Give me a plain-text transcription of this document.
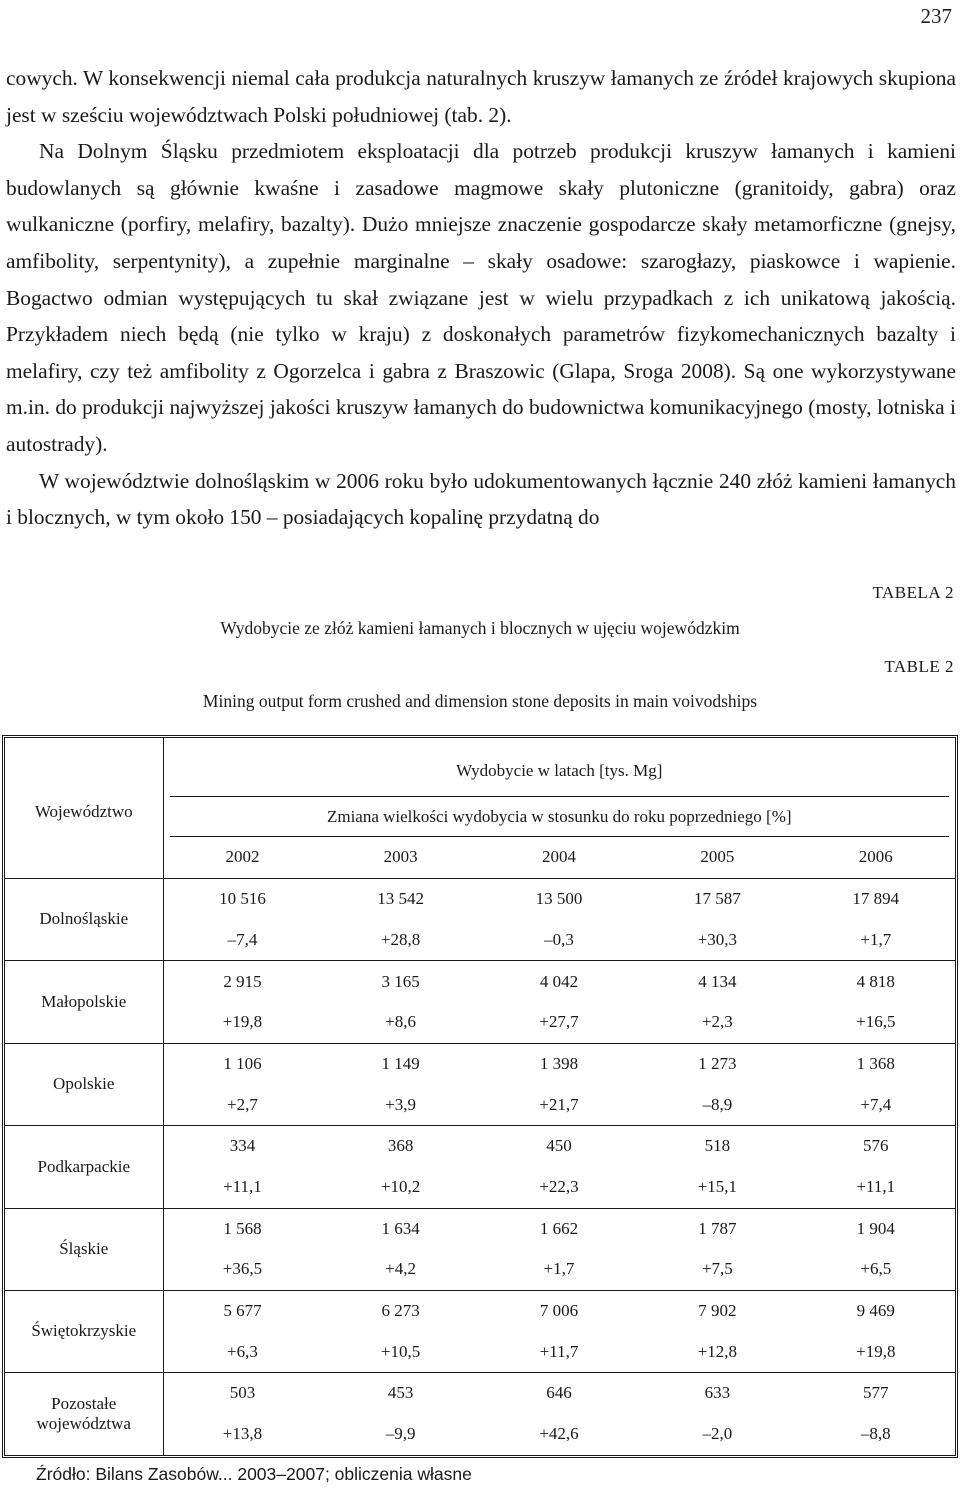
237

cowych. W konsekwencji niemal cała produkcja naturalnych kruszyw łamanych ze źródeł krajowych skupiona jest w sześciu województwach Polski południowej (tab. 2).

Na Dolnym Śląsku przedmiotem eksploatacji dla potrzeb produkcji kruszyw łamanych i kamieni budowlanych są głównie kwaśne i zasadowe magmowe skały plutoniczne (granitoidy, gabra) oraz wulkaniczne (porfiry, melafiry, bazalty). Dużo mniejsze znaczenie gospodarcze skały metamorficzne (gnejsy, amfibolity, serpentynity), a zupełnie marginalne – skały osadowe: szarogłazy, piaskowce i wapienie. Bogactwo odmian występujących tu skał związane jest w wielu przypadkach z ich unikatową jakością. Przykładem niech będą (nie tylko w kraju) z doskonałych parametrów fizykomechanicznych bazalty i melafiry, czy też amfibolity z Ogorzelca i gabra z Braszowic (Glapa, Sroga 2008). Są one wykorzystywane m.in. do produkcji najwyższej jakości kruszyw łamanych do budownictwa komunikacyjnego (mosty, lotniska i autostrady).

W województwie dolnośląskim w 2006 roku było udokumentowanych łącznie 240 złóż kamieni łamanych i blocznych, w tym około 150 – posiadających kopalinę przydatną do

TABELA 2
Wydobycie ze złóż kamieni łamanych i blocznych w ujęciu wojewódzkim
TABLE 2
Mining output form crushed and dimension stone deposits in main voivodships
Województwo	Wydobycie w latach [tys. Mg]				
	Zmiana wielkości wydobycia w stosunku do roku poprzedniego [%]				
	2002	2003	2004	2005	2006
Dolnośląskie	10 516	13 542	13 500	17 587	17 894
	–7,4	+28,8	–0,3	+30,3	+1,7
Małopolskie	2 915	3 165	4 042	4 134	4 818
	+19,8	+8,6	+27,7	+2,3	+16,5
Opolskie	1 106	1 149	1 398	1 273	1 368
	+2,7	+3,9	+21,7	–8,9	+7,4
Podkarpackie	334	368	450	518	576
	+11,1	+10,2	+22,3	+15,1	+11,1
Śląskie	1 568	1 634	1 662	1 787	1 904
	+36,5	+4,2	+1,7	+7,5	+6,5
Świętokrzyskie	5 677	6 273	7 006	7 902	9 469
	+6,3	+10,5	+11,7	+12,8	+19,8
Pozostałe
województwa	503	453	646	633	577
	+13,8	–9,9	+42,6	–2,0	–8,8
Źródło: Bilans Zasobów... 2003–2007; obliczenia własne
